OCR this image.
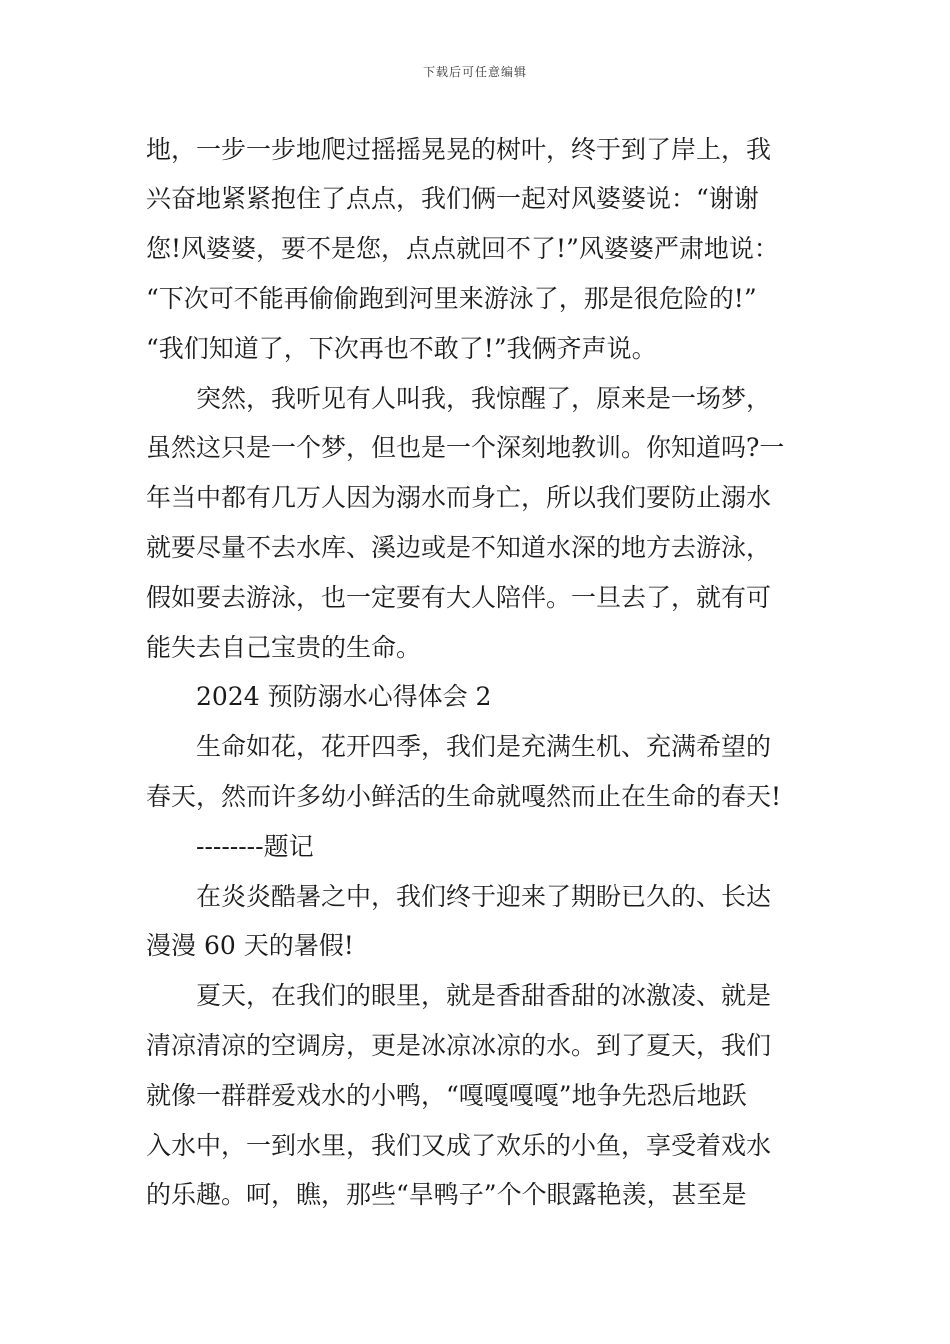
下载后可任意编辑
地，一步一步地爬过摇摇晃晃的树叶，终于到了岸上，我
兴奋地紧紧抱住了点点，我们俩一起对风婆婆说：“谢谢
您!风婆婆，要不是您，点点就回不了!”风婆婆严肃地说：
“下次可不能再偷偷跑到河里来游泳了，那是很危险的!”
“我们知道了，下次再也不敢了!”我俩齐声说。
突然，我听见有人叫我，我惊醒了，原来是一场梦，
虽然这只是一个梦，但也是一个深刻地教训。你知道吗?一
年当中都有几万人因为溺水而身亡，所以我们要防止溺水
就要尽量不去水库、溪边或是不知道水深的地方去游泳，
假如要去游泳，也一定要有大人陪伴。一旦去了，就有可
能失去自己宝贵的生命。
2024 预防溺水心得体会 2
生命如花，花开四季，我们是充满生机、充满希望的
春天，然而许多幼小鲜活的生命就嘎然而止在生命的春天!
--------题记
在炎炎酷暑之中，我们终于迎来了期盼已久的、长达
漫漫 60 天的暑假!
夏天，在我们的眼里，就是香甜香甜的冰激凌、就是
清凉清凉的空调房，更是冰凉冰凉的水。到了夏天，我们
就像一群群爱戏水的小鸭，“嘎嘎嘎嘎”地争先恐后地跃
入水中，一到水里，我们又成了欢乐的小鱼，享受着戏水
的乐趣。呵，瞧，那些“旱鸭子”个个眼露艳羡，甚至是
